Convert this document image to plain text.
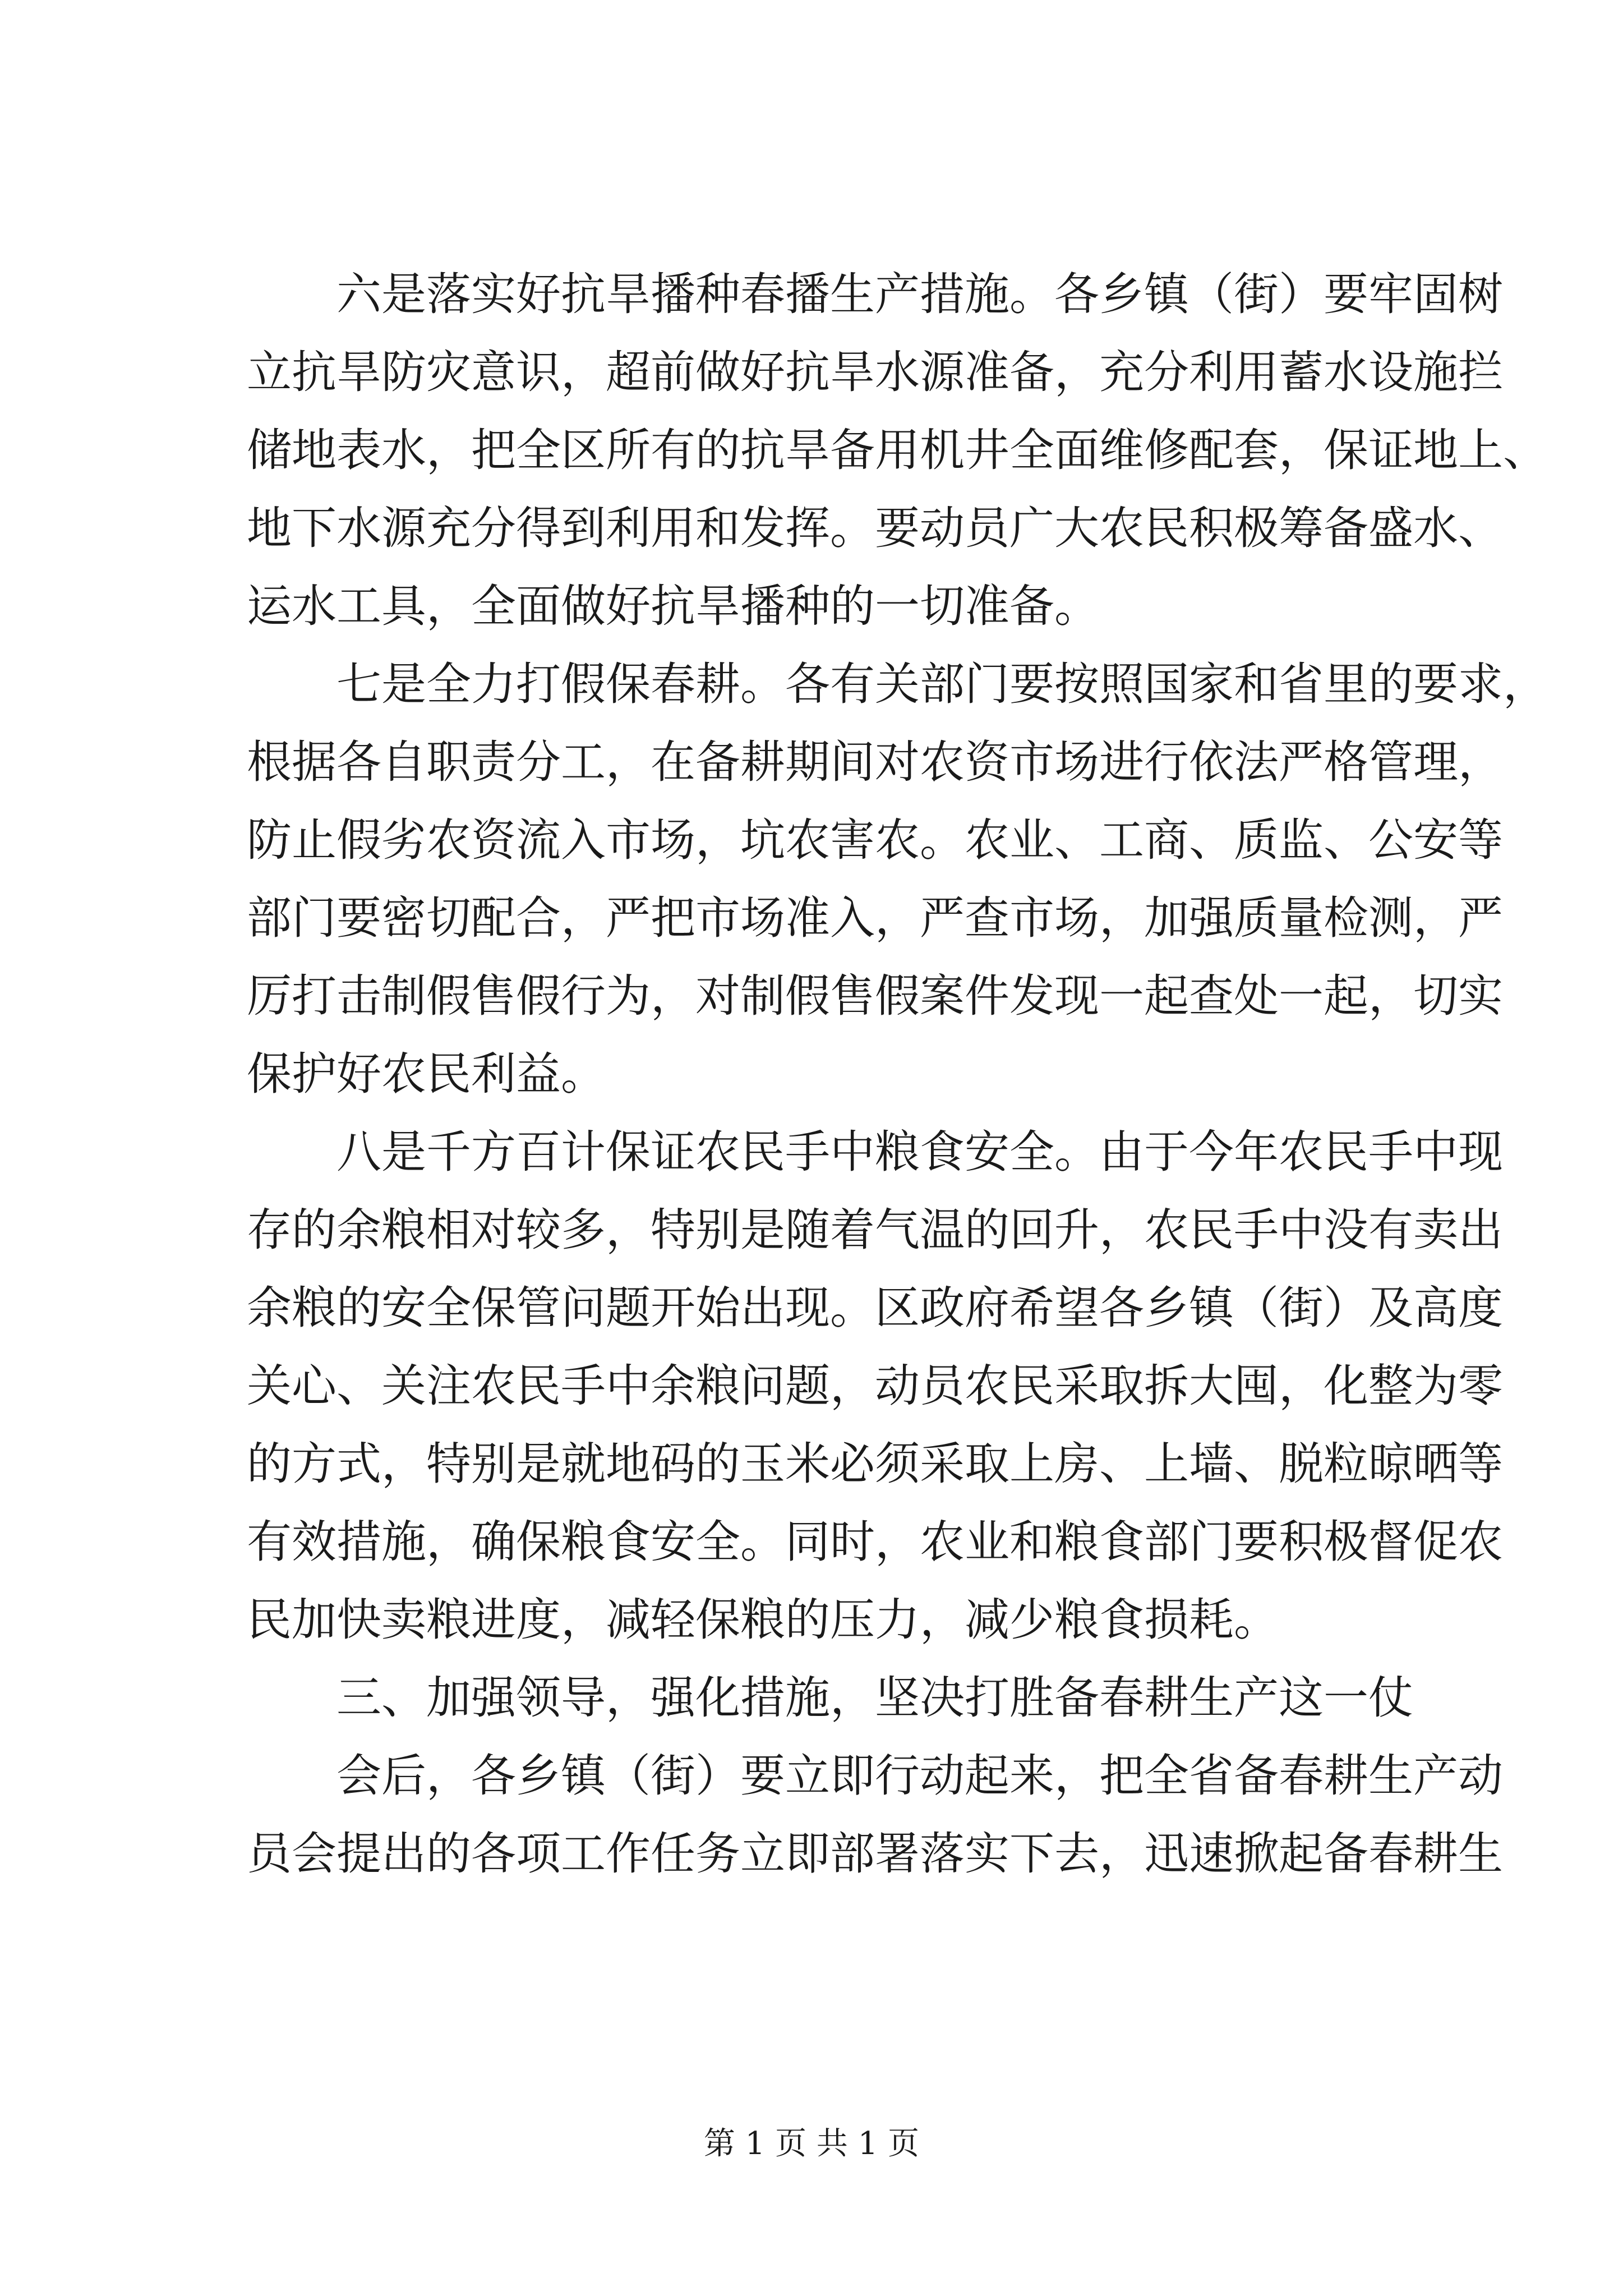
六是落实好抗旱播种春播生产措施。各乡镇（街）要牢固树
立抗旱防灾意识，超前做好抗旱水源准备，充分利用蓄水设施拦
储地表水，把全区所有的抗旱备用机井全面维修配套，保证地上、
地下水源充分得到利用和发挥。要动员广大农民积极筹备盛水、
运水工具，全面做好抗旱播种的一切准备。
七是全力打假保春耕。各有关部门要按照国家和省里的要求，
根据各自职责分工，在备耕期间对农资市场进行依法严格管理，
防止假劣农资流入市场，坑农害农。农业、工商、质监、公安等
部门要密切配合，严把市场准入，严查市场，加强质量检测，严
厉打击制假售假行为，对制假售假案件发现一起查处一起，切实
保护好农民利益。
八是千方百计保证农民手中粮食安全。由于今年农民手中现
存的余粮相对较多，特别是随着气温的回升，农民手中没有卖出
余粮的安全保管问题开始出现。区政府希望各乡镇（街）及高度
关心、关注农民手中余粮问题，动员农民采取拆大囤，化整为零
的方式，特别是就地码的玉米必须采取上房、上墙、脱粒晾晒等
有效措施，确保粮食安全。同时，农业和粮食部门要积极督促农
民加快卖粮进度，减轻保粮的压力，减少粮食损耗。
三、加强领导，强化措施，坚决打胜备春耕生产这一仗
会后，各乡镇（街）要立即行动起来，把全省备春耕生产动
员会提出的各项工作任务立即部署落实下去，迅速掀起备春耕生
第 1 页 共 1 页
